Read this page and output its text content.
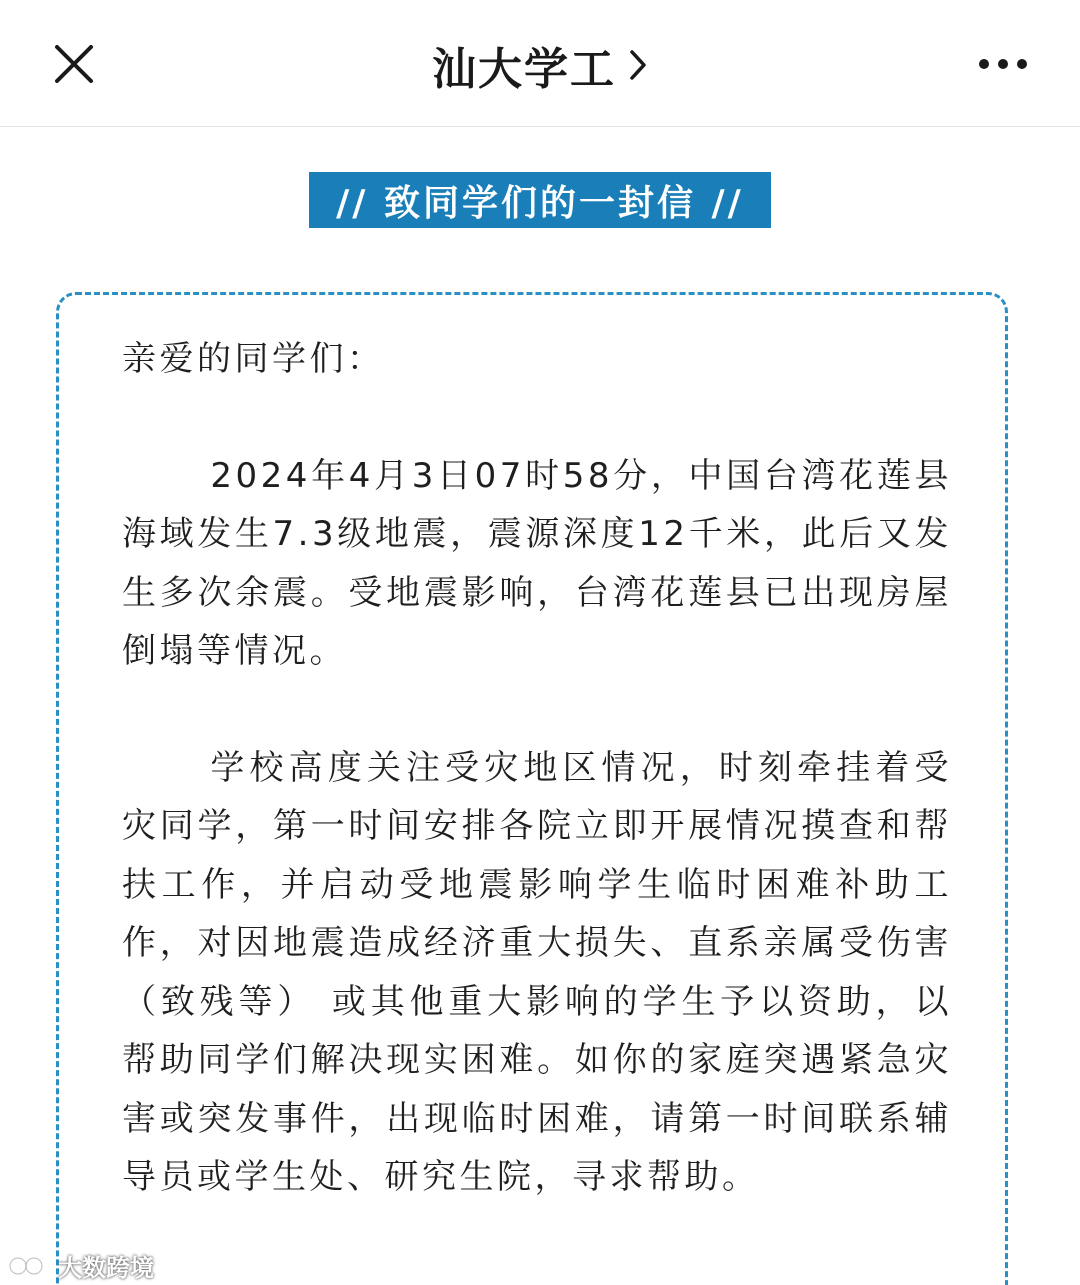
汕大学工
// 致同学们的一封信 //

亲爱的同学们：

2024年4月3日07时58分，中国台湾花莲县海域发生7.3级地震，震源深度12千米，此后又发生多次余震。受地震影响，台湾花莲县已出现房屋倒塌等情况。

学校高度关注受灾地区情况，时刻牵挂着受灾同学，第一时间安排各院立即开展情况摸查和帮扶工作，并启动受地震影响学生临时困难补助工作，对因地震造成经济重大损失、直系亲属受伤害（致残等） 或其他重大影响的学生予以资助，以帮助同学们解决现实困难。如你的家庭突遇紧急灾害或突发事件，出现临时困难，请第一时间联系辅导员或学生处、研究生院，寻求帮助。

大数跨境
